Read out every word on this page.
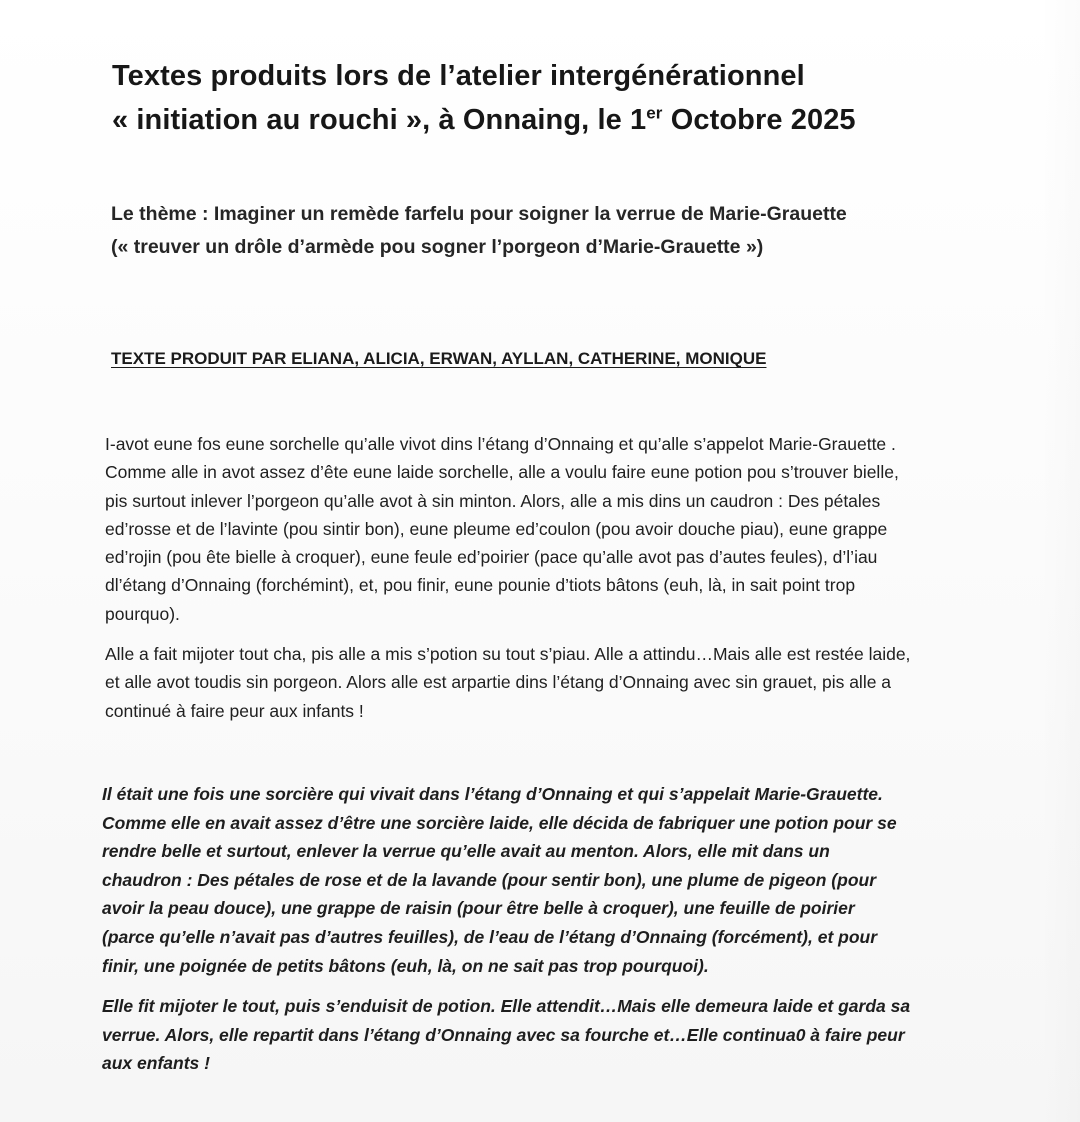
Textes produits lors de l’atelier intergénérationnel
« initiation au rouchi », à Onnaing, le 1er Octobre 2025
Le thème : Imaginer un remède farfelu pour soigner la verrue de Marie-Grauette (« treuver un drôle d’armède pou sogner l’porgeon d’Marie-Grauette »)
TEXTE PRODUIT PAR ELIANA, ALICIA, ERWAN, AYLLAN, CATHERINE, MONIQUE

I-avot eune fos eune sorchelle qu’alle vivot dins l’étang d’Onnaing et qu’alle s’appelot Marie-Grauette . Comme alle in avot assez d’ête eune laide sorchelle, alle a voulu faire eune potion pou s’trouver bielle, pis surtout inlever l’porgeon qu’alle avot à sin minton. Alors, alle a mis dins un caudron : Des pétales ed’rosse et de l’lavinte (pou sintir bon), eune pleume ed’coulon (pou avoir douche piau), eune grappe ed’rojin (pou ête bielle à croquer), eune feule ed’poirier (pace qu’alle avot pas d’autes feules), d’l’iau dl’étang d’Onnaing (forchémint), et, pou finir, eune pounie d’tiots bâtons (euh, là, in sait point trop pourquo).

Alle a fait mijoter tout cha, pis alle a mis s’potion su tout s’piau. Alle a attindu…Mais alle est restée laide, et alle avot toudis sin porgeon. Alors alle est arpartie dins l’étang d’Onnaing avec sin grauet, pis alle a continué à faire peur aux infants !

Il était une fois une sorcière qui vivait dans l’étang d’Onnaing et qui s’appelait Marie-Grauette. Comme elle en avait assez d’être une sorcière laide, elle décida de fabriquer une potion pour se rendre belle et surtout, enlever la verrue qu’elle avait au menton. Alors, elle mit dans un chaudron : Des pétales de rose et de la lavande (pour sentir bon), une plume de pigeon (pour avoir la peau douce), une grappe de raisin (pour être belle à croquer), une feuille de poirier (parce qu’elle n’avait pas d’autres feuilles), de l’eau de l’étang d’Onnaing (forcément), et pour finir, une poignée de petits bâtons (euh, là, on ne sait pas trop pourquoi).

Elle fit mijoter le tout, puis s’enduisit de potion. Elle attendit…Mais elle demeura laide et garda sa verrue. Alors, elle repartit dans l’étang d’Onnaing avec sa fourche et…Elle continua0 à faire peur aux enfants !
